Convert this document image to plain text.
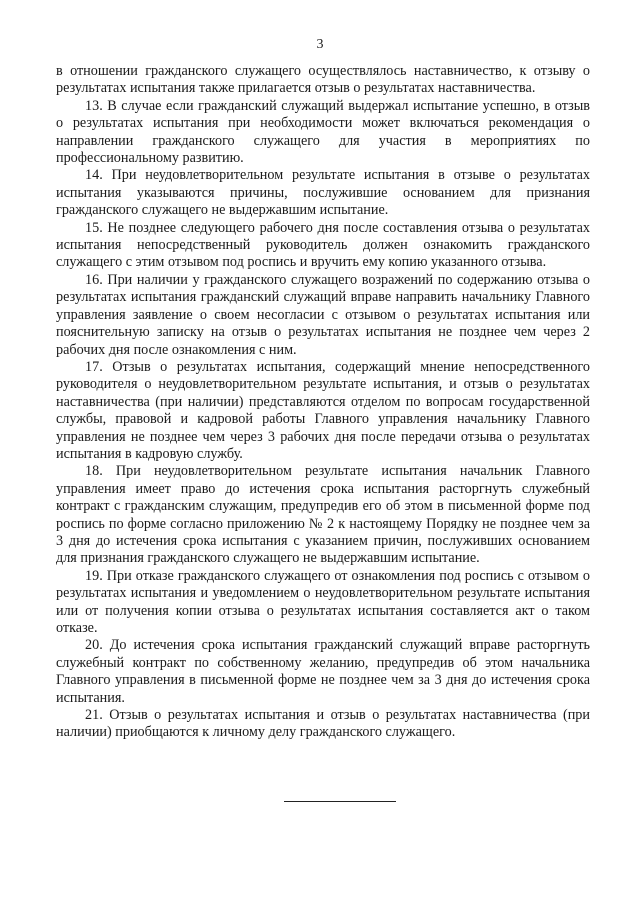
3

в отношении гражданского служащего осуществлялось наставничество, к отзыву о результатах испытания также прилагается отзыв о результатах наставничества.

13. В случае если гражданский служащий выдержал испытание успешно, в отзыв о результатах испытания при необходимости может включаться рекомендация о направлении гражданского служащего для участия в мероприятиях по профессиональному развитию.

14. При неудовлетворительном результате испытания в отзыве о результатах испытания указываются причины, послужившие основанием для признания гражданского служащего не выдержавшим испытание.

15. Не позднее следующего рабочего дня после составления отзыва о результатах испытания непосредственный руководитель должен ознакомить гражданского служащего с этим отзывом под роспись и вручить ему копию указанного отзыва.

16. При наличии у гражданского служащего возражений по содержанию отзыва о результатах испытания гражданский служащий вправе направить начальнику Главного управления заявление о своем несогласии с отзывом о результатах испытания или пояснительную записку на отзыв о результатах испытания не позднее чем через 2 рабочих дня после ознакомления с ним.

17. Отзыв о результатах испытания, содержащий мнение непосредственного руководителя о неудовлетворительном результате испытания, и отзыв о результатах наставничества (при наличии) представляются отделом по вопросам государственной службы, правовой и кадровой работы Главного управления начальнику Главного управления не позднее чем через 3 рабочих дня после передачи отзыва о результатах испытания в кадровую службу.

18. При неудовлетворительном результате испытания начальник Главного управления имеет право до истечения срока испытания расторгнуть служебный контракт с гражданским служащим, предупредив его об этом в письменной форме под роспись по форме согласно приложению № 2 к настоящему Порядку не позднее чем за 3 дня до истечения срока испытания с указанием причин, послуживших основанием для признания гражданского служащего не выдержавшим испытание.

19. При отказе гражданского служащего от ознакомления под роспись с отзывом о результатах испытания и уведомлением о неудовлетворительном результате испытания или от получения копии отзыва о результатах испытания составляется акт о таком отказе.

20. До истечения срока испытания гражданский служащий вправе расторгнуть служебный контракт по собственному желанию, предупредив об этом начальника Главного управления в письменной форме не позднее чем за 3 дня до истечения срока испытания.

21. Отзыв о результатах испытания и отзыв о результатах наставничества (при наличии) приобщаются к личному делу гражданского служащего.
